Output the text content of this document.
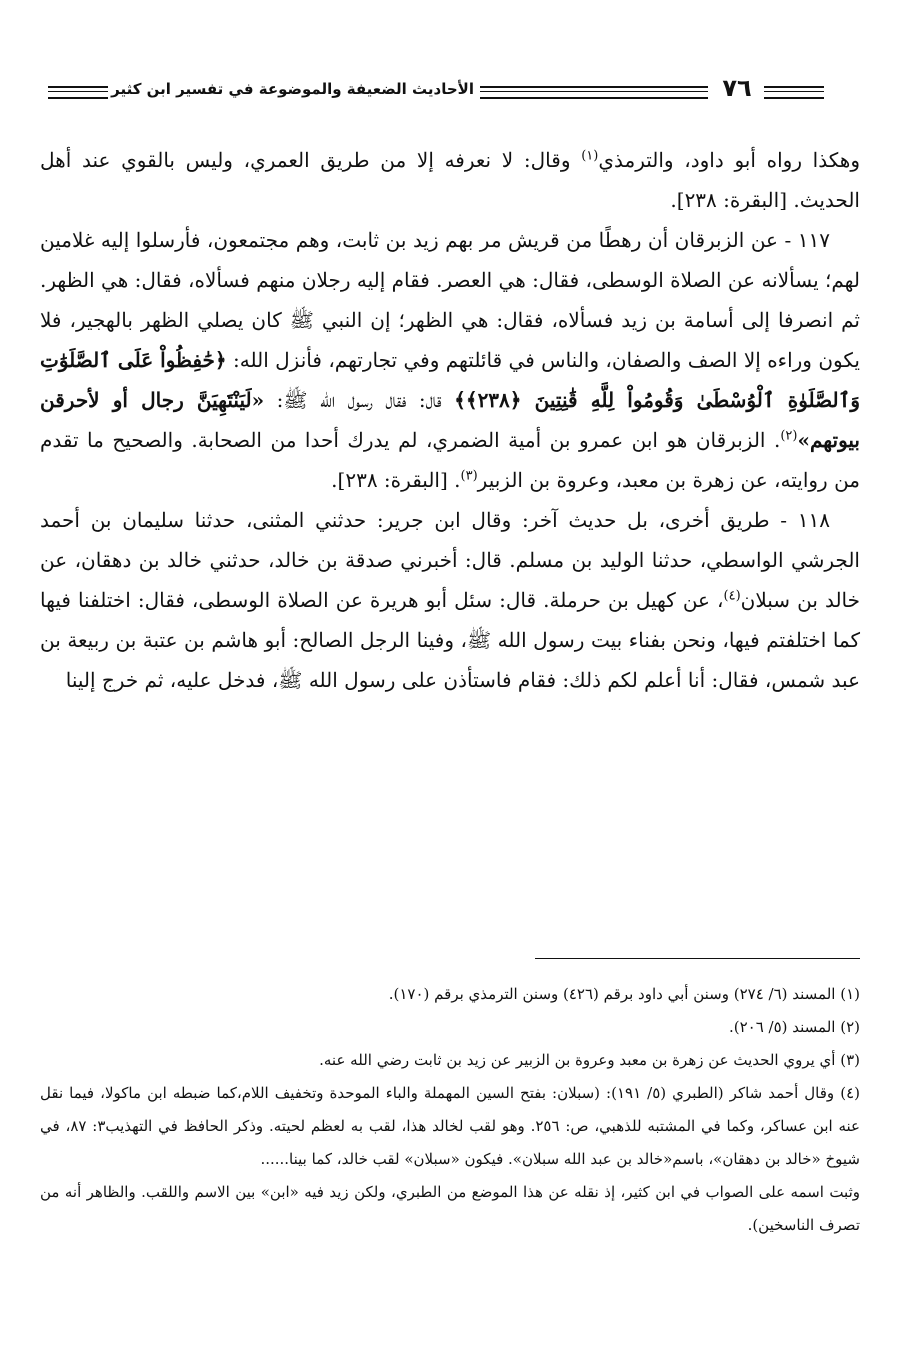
الأحاديث الضعيفة والموضوعة في تفسير ابن كثير	٧٦

وهكذا رواه أبو داود، والترمذي$^{(١)}$ وقال: لا نعرفه إلا من طريق العمري، وليس بالقوي عند أهل الحديث. [البقرة: ٢٣٨].

١١٧ - عن الزبرقان أن رهطًا من قريش مر بهم زيد بن ثابت، وهم مجتمعون، فأرسلوا إليه غلامين لهم؛ يسألانه عن الصلاة الوسطى، فقال: هي العصر. فقام إليه رجلان منهم فسألاه، فقال: هي الظهر. ثم انصرفا إلى أسامة بن زيد فسألاه، فقال: هي الظهر؛ إن النبي ﷺ كان يصلي الظهر بالهجير، فلا يكون وراءه إلا الصف والصفان، والناس في قائلتهم وفي تجارتهم، فأنزل الله: ﴿حَٰفِظُواْ عَلَى ٱلصَّلَوَٰتِ وَٱلصَّلَوٰةِ ٱلْوُسْطَىٰ وَقُومُواْ لِلَّهِ قَٰنِتِينَ ﴿٢٣٨﴾﴾ قال: فقال رسول الله ﷺ: «لَيَنْتَهِيَنَّ رجال أو لأحرقن بيوتهم»$^{(٢)}$. الزبرقان هو ابن عمرو بن أمية الضمري، لم يدرك أحدا من الصحابة. والصحيح ما تقدم من روايته، عن زهرة بن معبد، وعروة بن الزبير$^{(٣)}$. [البقرة: ٢٣٨].

١١٨ - طريق أخرى، بل حديث آخر: وقال ابن جرير: حدثني المثنى، حدثنا سليمان بن أحمد الجرشي الواسطي، حدثنا الوليد بن مسلم. قال: أخبرني صدقة بن خالد، حدثني خالد بن دهقان، عن خالد بن سبلان$^{(٤)}$، عن كهيل بن حرملة. قال: سئل أبو هريرة عن الصلاة الوسطى، فقال: اختلفنا فيها كما اختلفتم فيها، ونحن بفناء بيت رسول الله ﷺ، وفينا الرجل الصالح: أبو هاشم بن عتبة بن ربيعة بن عبد شمس، فقال: أنا أعلم لكم ذلك: فقام فاستأذن على رسول الله ﷺ، فدخل عليه، ثم خرج إلينا

(١) المسند (٦/ ٢٧٤) وسنن أبي داود برقم (٤٢٦) وسنن الترمذي برقم (١٧٠).

(٢) المسند (٥/ ٢٠٦).

(٣) أي يروي الحديث عن زهرة بن معبد وعروة بن الزبير عن زيد بن ثابت رضي الله عنه.

(٤) وقال أحمد شاكر (الطبري (٥/ ١٩١): (سبلان: بفتح السين المهملة والباء الموحدة وتخفيف اللام،كما ضبطه ابن ماكولا، فيما نقل عنه ابن عساكر، وكما في المشتبه للذهبي، ص: ٢٥٦. وهو لقب لخالد هذا، لقب به لعظم لحيته. وذكر الحافظ في التهذيب٣: ٨٧، في شيوخ «خالد بن دهقان»، باسم«خالد بن عبد الله سبلان». فيكون «سبلان» لقب خالد، كما بينا......

وثبت اسمه على الصواب في ابن كثير، إذ نقله عن هذا الموضع من الطبري، ولكن زيد فيه «ابن» بين الاسم واللقب. والظاهر أنه من تصرف الناسخين).
